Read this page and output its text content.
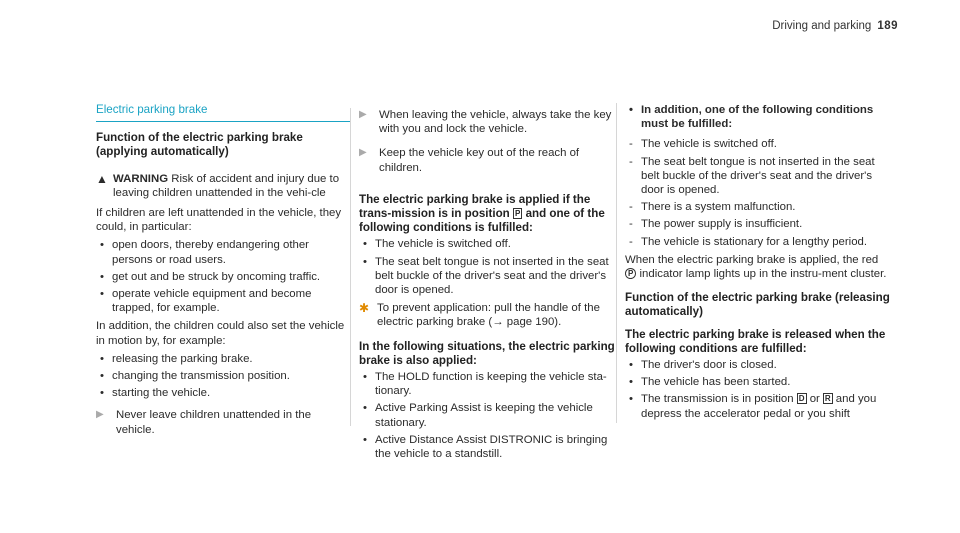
Driving and parking 189
Electric parking brake
Function of the electric parking brake (applying automatically)
▲ WARNING Risk of accident and injury due to leaving children unattended in the vehi-cle

If children are left unattended in the vehicle, they could, in particular:

• open doors, thereby endangering other persons or road users.
• get out and be struck by oncoming traffic.
• operate vehicle equipment and become trapped, for example.

In addition, the children could also set the vehicle in motion by, for example:

• releasing the parking brake.
• changing the transmission position.
• starting the vehicle.
▶	Never leave children unattended in the vehicle.
▶	When leaving the vehicle, always take the key with you and lock the vehicle.
▶	Keep the vehicle key out of the reach of children.
The electric parking brake is applied if the trans-mission is in position P and one of the following conditions is fulfilled:
• The vehicle is switched off.
• The seat belt tongue is not inserted in the seat belt buckle of the driver's seat and the driver's door is opened.
✱ To prevent application: pull the handle of the electric parking brake (→ page 190).
In the following situations, the electric parking brake is also applied:
• The HOLD function is keeping the vehicle sta-tionary.
• Active Parking Assist is keeping the vehicle stationary.
• Active Distance Assist DISTRONIC is bringing the vehicle to a standstill.
• In addition, one of the following conditions must be fulfilled:
- The vehicle is switched off.
- The seat belt tongue is not inserted in the seat belt buckle of the driver's seat and the driver's door is opened.
- There is a system malfunction.
- The power supply is insufficient.
- The vehicle is stationary for a lengthy period.

When the electric parking brake is applied, the red P indicator lamp lights up in the instru-ment cluster.

Function of the electric parking brake (releasing automatically)
The electric parking brake is released when the following conditions are fulfilled:
• The driver's door is closed.
• The vehicle has been started.
• The transmission is in position D or R and you depress the accelerator pedal or you shift
